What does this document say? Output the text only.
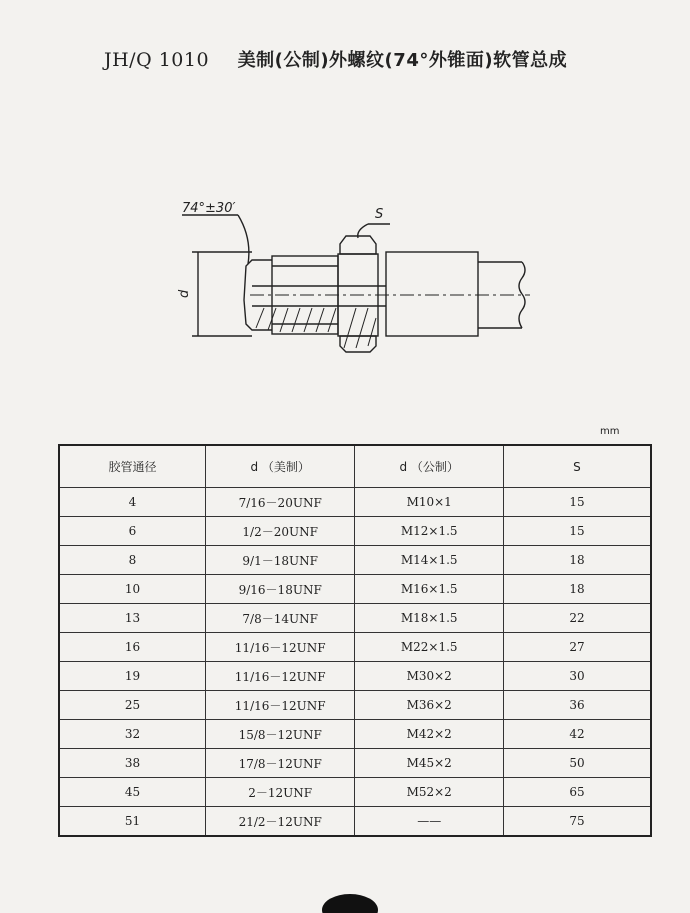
JH/Q 1010 美制(公制)外螺纹(74°外锥面)软管总成
74°±30′	S
d
mm
胶管通径	d （美制）	d （公制）	S
4	7/16－20UNF	M10×1	15
6	1/2－20UNF	M12×1.5	15
8	9/1－18UNF	M14×1.5	18
10	9/16－18UNF	M16×1.5	18
13	7/8－14UNF	M18×1.5	22
16	11/16－12UNF	M22×1.5	27
19	11/16－12UNF	M30×2	30
25	11/16－12UNF	M36×2	36
32	15/8－12UNF	M42×2	42
38	17/8－12UNF	M45×2	50
45	2－12UNF	M52×2	65
51	21/2－12UNF	——	75
